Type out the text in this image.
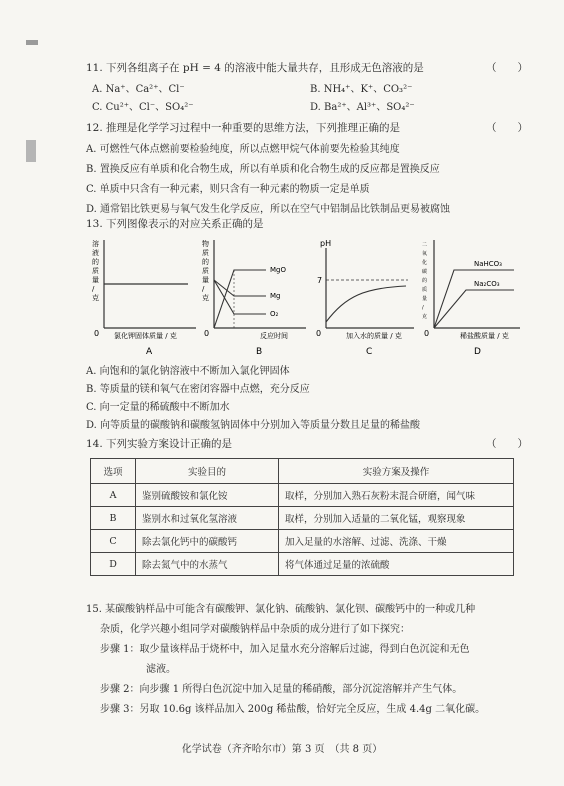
11. 下列各组离子在 pH = 4 的溶液中能大量共存，且形成无色溶液的是	（　　）
A. Na⁺、Ca²⁺、Cl⁻	B. NH₄⁺、K⁺、CO₃²⁻
C. Cu²⁺、Cl⁻、SO₄²⁻	D. Ba²⁺、Al³⁺、SO₄²⁻
12. 推理是化学学习过程中一种重要的思维方法，下列推理正确的是	（　　）
A. 可燃性气体点燃前要检验纯度，所以点燃甲烷气体前要先检验其纯度
B. 置换反应有单质和化合物生成，所以有单质和化合物生成的反应都是置换反应
C. 单质中只含有一种元素，则只含有一种元素的物质一定是单质
D. 通常铝比铁更易与氧气发生化学反应，所以在空气中铝制品比铁制品更易被腐蚀
13. 下列图像表示的对应关系正确的是
溶
液
的
质
量
/
克
0 氯化钾固体质量 / 克
物
质
的
质
量
/
克
MgO
Mg
O₂
0	反应时间
pH
7
0	加入水的质量 / 克
二
氧
化
碳
的
质
量
/
克
NaHCO₃
Na₂CO₃
0	稀盐酸质量 / 克
A	B	C	D
A. 向饱和的氯化钠溶液中不断加入氯化钾固体
B. 等质量的镁和氧气在密闭容器中点燃，充分反应
C. 向一定量的稀硫酸中不断加水
D. 向等质量的碳酸钠和碳酸氢钠固体中分别加入等质量分数且足量的稀盐酸
14. 下列实验方案设计正确的是	（　　）
选项	实验目的	实验方案及操作
A	鉴别硫酸铵和氯化铵	取样，分别加入熟石灰粉末混合研磨，闻气味
B	鉴别水和过氧化氢溶液	取样，分别加入适量的二氧化锰，观察现象
C	除去氯化钙中的碳酸钙	加入足量的水溶解、过滤、洗涤、干燥
D	除去氮气中的水蒸气	将气体通过足量的浓硫酸
15. 某碳酸钠样品中可能含有碳酸钾、氯化钠、硫酸钠、氯化钡、碳酸钙中的一种或几种
杂质，化学兴趣小组同学对碳酸钠样品中杂质的成分进行了如下探究：
步骤 1：取少量该样品于烧杯中，加入足量水充分溶解后过滤，得到白色沉淀和无色
滤液。
步骤 2：向步骤 1 所得白色沉淀中加入足量的稀硝酸，部分沉淀溶解并产生气体。
步骤 3：另取 10.6g 该样品加入 200g 稀盐酸，恰好完全反应，生成 4.4g 二氧化碳。
化学试卷（齐齐哈尔市）第 3 页　（共 8 页）
